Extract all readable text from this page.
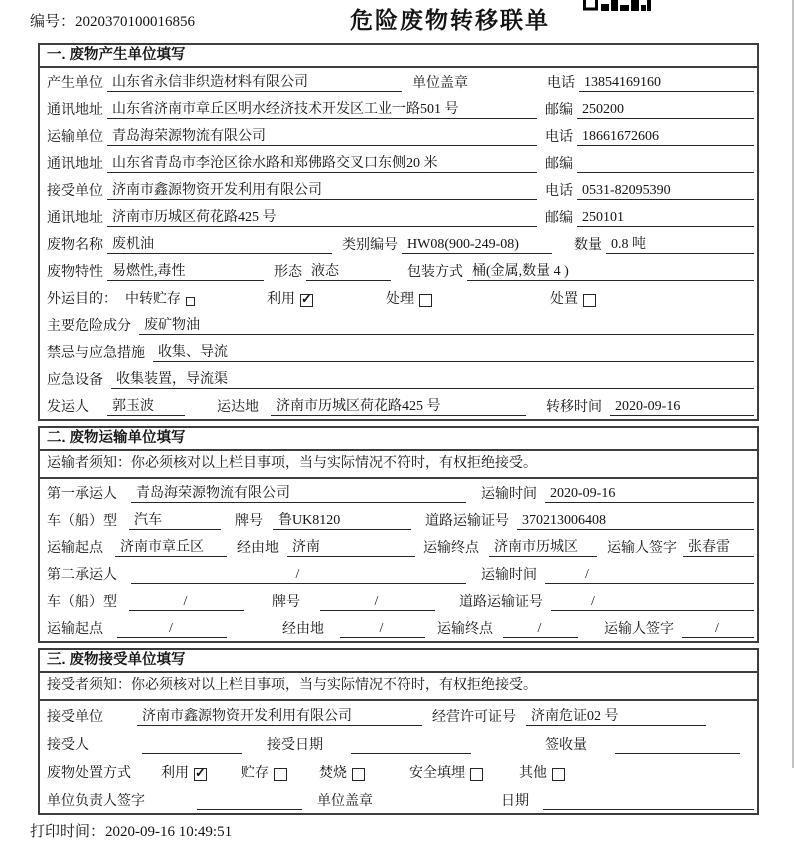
编号：2020370100016856	危险废物转移联单
一. 废物产生单位填写
产生单位 山东省永信非织造材料有限公司	单位盖章	电话 13854169160
通讯地址 山东省济南市章丘区明水经济技术开发区工业一路501 号	邮编 250200
运输单位 青岛海荣源物流有限公司	电话 18661672606
通讯地址 山东省青岛市李沧区徐水路和郑佛路交叉口东侧20 米	邮编
接受单位 济南市鑫源物资开发利用有限公司	电话 0531-82095390
通讯地址 济南市历城区荷花路425 号	邮编 250101
废物名称 废机油	类别编号 HW08(900-249-08)	数量 0.8 吨
废物特性 易燃性,毒性	形态 液态	包装方式 桶(金属,数量 4 )
外运目的： 中转贮存	利用 ✓	处理	处置
主要危险成分 废矿物油
禁忌与应急措施 收集、导流
应急设备 收集装置，导流渠
发运人	郭玉波	运达地	济南市历城区荷花路425 号	转移时间 2020-09-16
二. 废物运输单位填写
运输者须知：你必须核对以上栏目事项，当与实际情况不符时，有权拒绝接受。
第一承运人	青岛海荣源物流有限公司	运输时间 2020-09-16
车（船）型	汽车	牌号	鲁UK8120	道路运输证号 370213006408
运输起点	济南市章丘区	经由地 济南	运输终点	济南市历城区	运输人签字 张春雷
第二承运人	/	运输时间	/
车（船）型	/	牌号	/	道路运输证号	/
运输起点	/	经由地	/	运输终点	/	运输人签字	/
三. 废物接受单位填写
接受者须知：你必须核对以上栏目事项，当与实际情况不符时，有权拒绝接受。
接受单位	济南市鑫源物资开发利用有限公司	经营许可证号	济南危证02 号
接受人	接受日期	签收量
废物处置方式 利用 ✓	贮存	焚烧	安全填埋	其他
单位负责人签字	单位盖章	日期
打印时间：2020-09-16 10:49:51
